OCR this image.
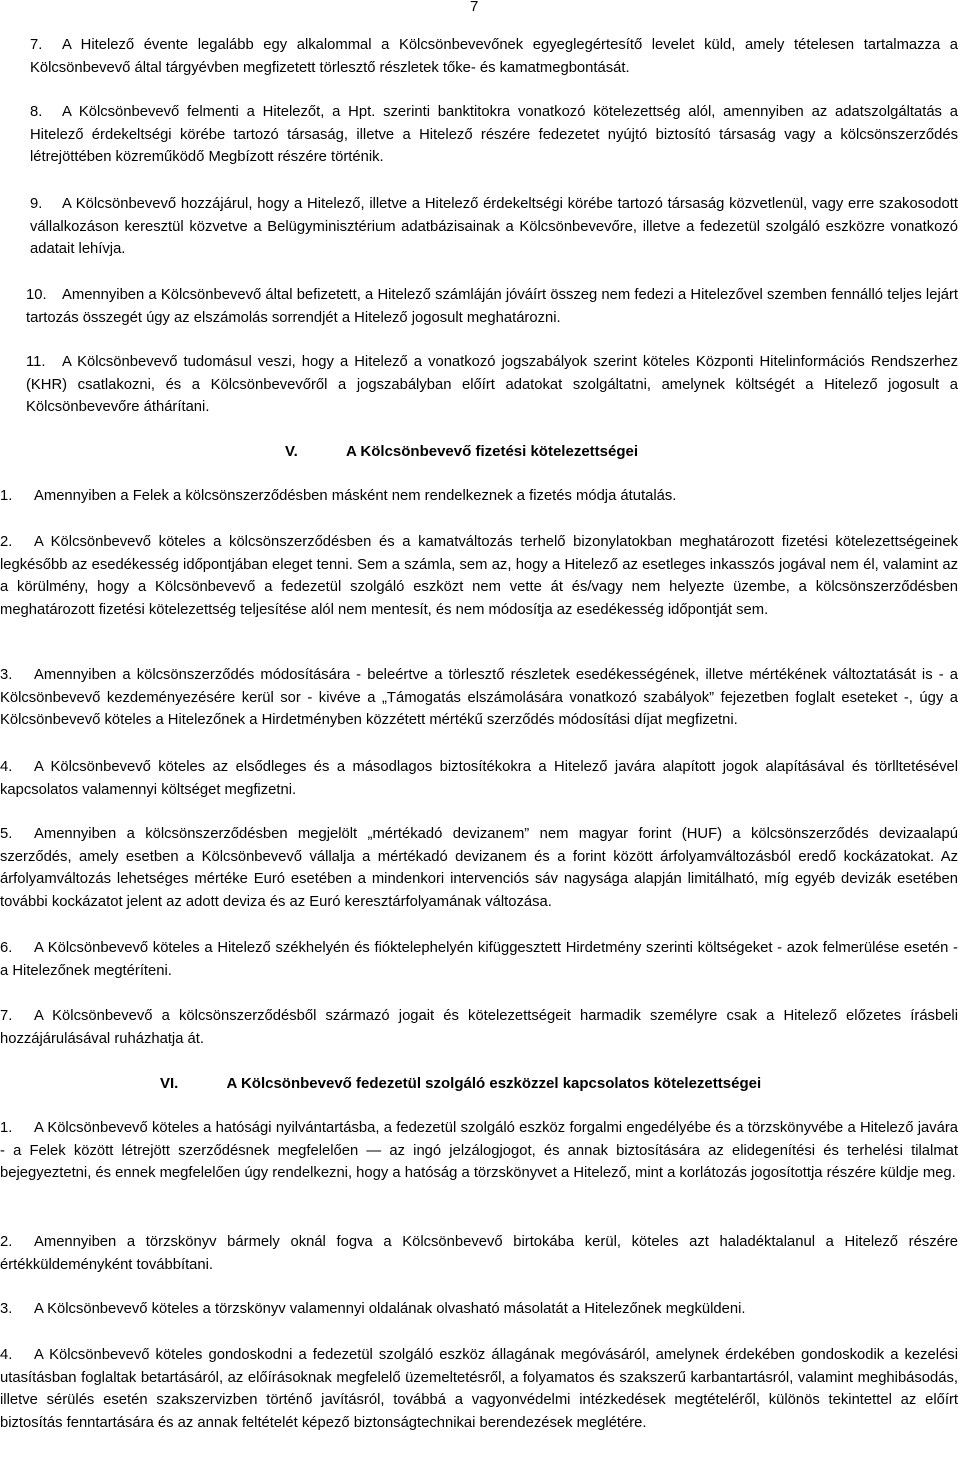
7
7.	A Hitelező évente legalább egy alkalommal a Kölcsönbevevőnek egyeglegértesítő levelet küld, amely tételesen tartalmazza a Kölcsönbevevő által tárgyévben megfizetett törlesztő részletek tőke- és kamatmegbontását.
8.	A Kölcsönbevevő felmenti a Hitelezőt, a Hpt. szerinti banktitokra vonatkozó kötelezettség alól, amennyiben az adatszolgáltatás a Hitelező érdekeltségi körébe tartozó társaság, illetve a Hitelező részére fedezetet nyújtó biztosító társaság vagy a kölcsönszerződés létrejöttében közreműködő Megbízott részére történik.
9.	A Kölcsönbevevő hozzájárul, hogy a Hitelező, illetve a Hitelező érdekeltségi körébe tartozó társaság közvetlenül, vagy erre szakosodott vállalkozáson keresztül közvetve a Belügyminisztérium adatbázisainak a Kölcsönbevevőre, illetve a fedezetül szolgáló eszközre vonatkozó adatait lehívja.
10.	Amennyiben a Kölcsönbevevő által befizetett, a Hitelező számláján jóváírt összeg nem fedezi a Hitelezővel szemben fennálló teljes lejárt tartozás összegét úgy az elszámolás sorrendjét a Hitelező jogosult meghatározni.
11.	A Kölcsönbevevő tudomásul veszi, hogy a Hitelező a vonatkozó jogszabályok szerint köteles Központi Hitelinformációs Rendszerhez (KHR) csatlakozni, és a Kölcsönbevevőről a jogszabályban előírt adatokat szolgáltatni, amelynek költségét a Hitelező jogosult a Kölcsönbevevőre áthárítani.
V.	A Kölcsönbevevő fizetési kötelezettségei
1.	Amennyiben a Felek a kölcsönszerződésben másként nem rendelkeznek a fizetés módja átutalás.
2.	A Kölcsönbevevő köteles a kölcsönszerződésben és a kamatváltozás terhelő bizonylatokban meghatározott fizetési kötelezettségeinek legkésőbb az esedékesség időpontjában eleget tenni. Sem a számla, sem az, hogy a Hitelező az esetleges inkasszós jogával nem él, valamint az a körülmény, hogy a Kölcsönbevevő a fedezetül szolgáló eszközt nem vette át és/vagy nem helyezte üzembe, a kölcsönszerződésben meghatározott fizetési kötelezettség teljesítése alól nem mentesít, és nem módosítja az esedékesség időpontját sem.
3.	Amennyiben a kölcsönszerződés módosítására - beleértve a törlesztő részletek esedékességének, illetve mértékének változtatását is - a Kölcsönbevevő kezdeményezésére kerül sor - kivéve a „Támogatás elszámolására vonatkozó szabályok” fejezetben foglalt eseteket -, úgy a Kölcsönbevevő köteles a Hitelezőnek a Hirdetményben közzétett mértékű szerződés módosítási díjat megfizetni.
4.	A Kölcsönbevevő köteles az elsődleges és a másodlagos biztosítékokra a Hitelező javára alapított jogok alapításával és törlltetésével kapcsolatos valamennyi költséget megfizetni.
5.	Amennyiben a kölcsönszerződésben megjelölt „mértékadó devizanem” nem magyar forint (HUF) a kölcsönszerződés devizaalapú szerződés, amely esetben a Kölcsönbevevő vállalja a mértékadó devizanem és a forint között árfolyamváltozásból eredő kockázatokat. Az árfolyamváltozás lehetséges mértéke Euró esetében a mindenkori intervenciós sáv nagysága alapján limitálható, míg egyéb devizák esetében további kockázatot jelent az adott deviza és az Euró keresztárfolyamának változása.
6.	A Kölcsönbevevő köteles a Hitelező székhelyén és fióktelephelyén kifüggesztett Hirdetmény szerinti költségeket - azok felmerülése esetén - a Hitelezőnek megtéríteni.
7.	A Kölcsönbevevő a kölcsönszerződésből származó jogait és kötelezettségeit harmadik személyre csak a Hitelező előzetes írásbeli hozzájárulásával ruházhatja át.
VI.	A Kölcsönbevevő fedezetül szolgáló eszközzel kapcsolatos kötelezettségei
1.	A Kölcsönbevevő köteles a hatósági nyilvántartásba, a fedezetül szolgáló eszköz forgalmi engedélyébe és a törzskönyvébe a Hitelező javára - a Felek között létrejött szerződésnek megfelelően — az ingó jelzálogjogot, és annak biztosítására az elidegenítési és terhelési tilalmat bejegyeztetni, és ennek megfelelően úgy rendelkezni, hogy a hatóság a törzskönyvet a Hitelező, mint a korlátozás jogosítottja részére küldje meg.
2.	Amennyiben a törzskönyv bármely oknál fogva a Kölcsönbevevő birtokába kerül, köteles azt haladéktalanul a Hitelező részére értékküldeményként továbbítani.
3.	A Kölcsönbevevő köteles a törzskönyv valamennyi oldalának olvasható másolatát a Hitelezőnek megküldeni.
4.	A Kölcsönbevevő köteles gondoskodni a fedezetül szolgáló eszköz állagának megóvásáról, amelynek érdekében gondoskodik a kezelési utasításban foglaltak betartásáról, az előírásoknak megfelelő üzemeltetésről, a folyamatos és szakszerű karbantartásról, valamint meghibásodás, illetve sérülés esetén szakszervizben történő javításról, továbbá a vagyonvédelmi intézkedések megtételéről, különös tekintettel az előírt biztosítás fenntartására és az annak feltételét képező biztonságtechnikai berendezések meglétére.
